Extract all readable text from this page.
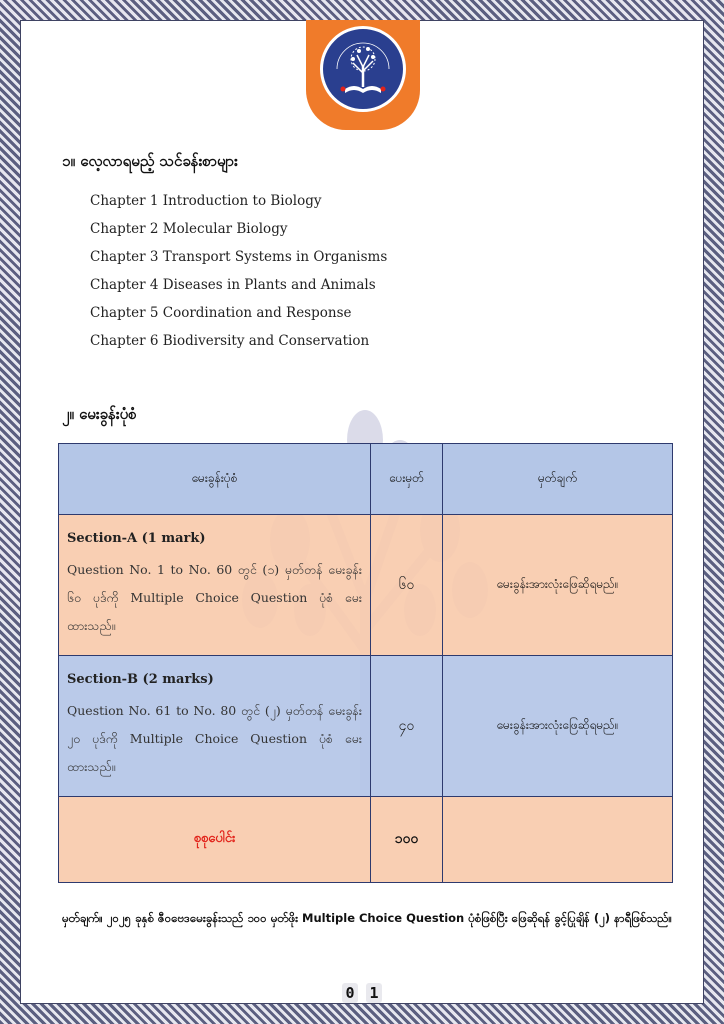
၁။ လေ့လာရမည့် သင်ခန်းစာများ
Chapter 1 Introduction to Biology
Chapter 2 Molecular Biology
Chapter 3 Transport Systems in Organisms
Chapter 4 Diseases in Plants and Animals
Chapter 5 Coordination and Response
Chapter 6 Biodiversity and Conservation
၂။ မေးခွန်းပုံစံ
မေးခွန်းပုံစံ	ပေးမှတ်	မှတ်ချက်

Section-A (1 mark)
Question No. 1 to No. 60 တွင် (၁) မှတ်တန် မေးခွန်း ၆၀ ပုဒ်ကို Multiple Choice Question ပုံစံ မေးထားသည်။	၆၀	မေးခွန်းအားလုံးဖြေဆိုရမည်။

Section-B (2 marks)
Question No. 61 to No. 80 တွင် (၂) မှတ်တန် မေးခွန်း ၂၀ ပုဒ်ကို Multiple Choice Question ပုံစံ မေးထားသည်။	၄၀	မေးခွန်းအားလုံးဖြေဆိုရမည်။
စုစုပေါင်း	၁၀၀	
မှတ်ချက်။ ၂၀၂၅ ခုနှစ် ဇီဝဗေဒမေးခွန်းသည် ၁၀၀ မှတ်ဖိုး Multiple Choice Question ပုံစံဖြစ်ပြီး ဖြေဆိုရန် ခွင့်ပြုချိန် (၂) နာရီဖြစ်သည်။
0 1
